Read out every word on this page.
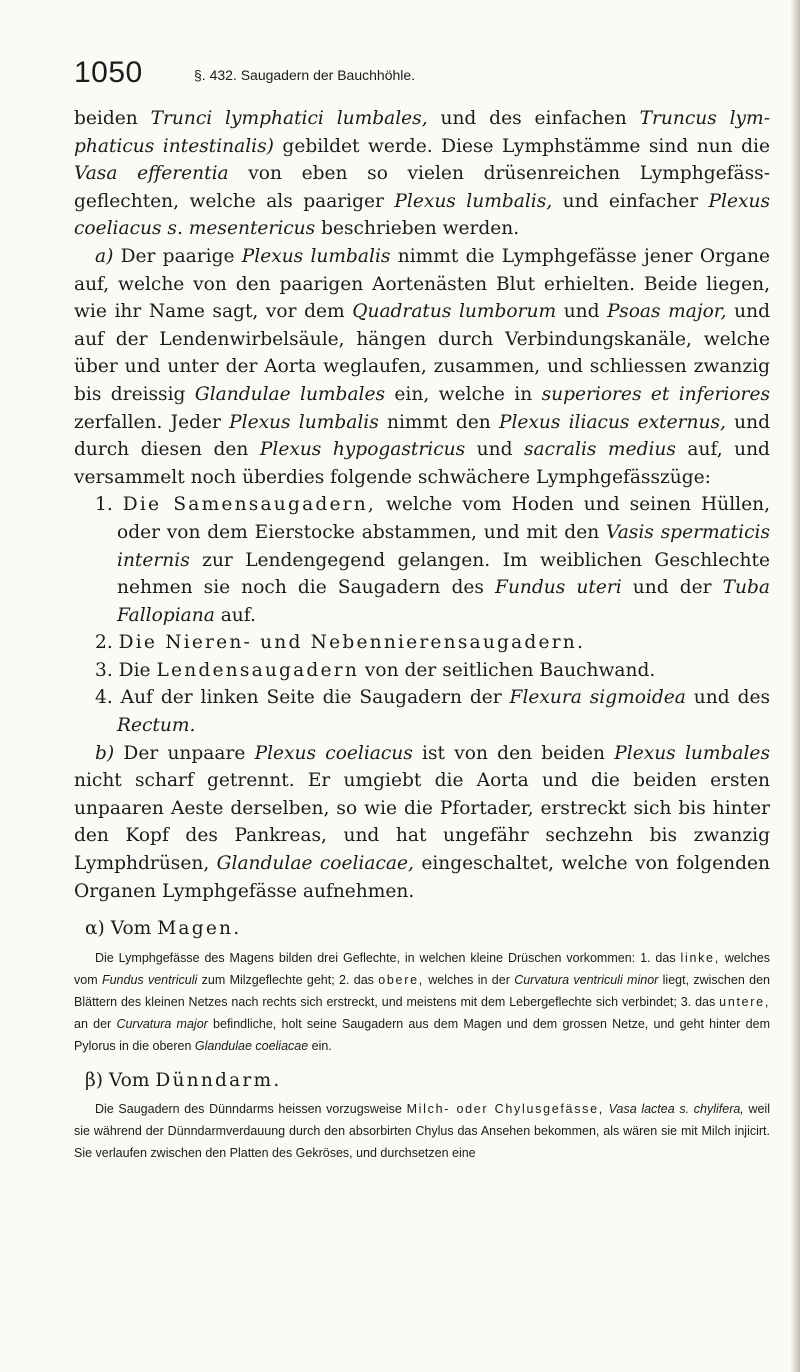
1050	§. 432. Saugadern der Bauchhöhle.

beiden Trunci lymphatici lumbales, und des einfachen Truncus lymphaticus intestinalis) gebildet werde. Diese Lymphstämme sind nun die Vasa efferentia von eben so vielen drüsenreichen Lymphgefässgeflechten, welche als paariger Plexus lumbalis, und einfacher Plexus coeliacus s. mesentericus beschrieben werden.

a) Der paarige Plexus lumbalis nimmt die Lymphgefässe jener Organe auf, welche von den paarigen Aortenästen Blut erhielten. Beide liegen, wie ihr Name sagt, vor dem Quadratus lumborum und Psoas major, und auf der Lendenwirbelsäule, hängen durch Verbindungskanäle, welche über und unter der Aorta weglaufen, zusammen, und schliessen zwanzig bis dreissig Glandulae lumbales ein, welche in superiores et inferiores zerfallen. Jeder Plexus lumbalis nimmt den Plexus iliacus externus, und durch diesen den Plexus hypogastricus und sacralis medius auf, und versammelt noch überdies folgende schwächere Lymphgefässzüge:

1. Die Samensaugadern, welche vom Hoden und seinen Hüllen, oder von dem Eierstocke abstammen, und mit den Vasis spermaticis internis zur Lendengegend gelangen. Im weiblichen Geschlechte nehmen sie noch die Saugadern des Fundus uteri und der Tuba Fallopiana auf.

2. Die Nieren- und Nebennierensaugadern.

3. Die Lendensaugadern von der seitlichen Bauchwand.

4. Auf der linken Seite die Saugadern der Flexura sigmoidea und des Rectum.

b) Der unpaare Plexus coeliacus ist von den beiden Plexus lumbales nicht scharf getrennt. Er umgiebt die Aorta und die beiden ersten unpaaren Aeste derselben, so wie die Pfortader, erstreckt sich bis hinter den Kopf des Pankreas, und hat ungefähr sechzehn bis zwanzig Lymphdrüsen, Glandulae coeliacae, eingeschaltet, welche von folgenden Organen Lymphgefässe aufnehmen.

α) Vom Magen.

Die Lymphgefässe des Magens bilden drei Geflechte, in welchen kleine Drüschen vorkommen: 1. das linke, welches vom Fundus ventriculi zum Milzgeflechte geht; 2. das obere, welches in der Curvatura ventriculi minor liegt, zwischen den Blättern des kleinen Netzes nach rechts sich erstreckt, und meistens mit dem Lebergeflechte sich verbindet; 3. das untere, an der Curvatura major befindliche, holt seine Saugadern aus dem Magen und dem grossen Netze, und geht hinter dem Pylorus in die oberen Glandulae coeliacae ein.

β) Vom Dünndarm.

Die Saugadern des Dünndarms heissen vorzugsweise Milch- oder Chylusgefässe, Vasa lactea s. chylifera, weil sie während der Dünndarmverdauung durch den absorbirten Chylus das Ansehen bekommen, als wären sie mit Milch injicirt. Sie verlaufen zwischen den Platten des Gekröses, und durchsetzen eine
